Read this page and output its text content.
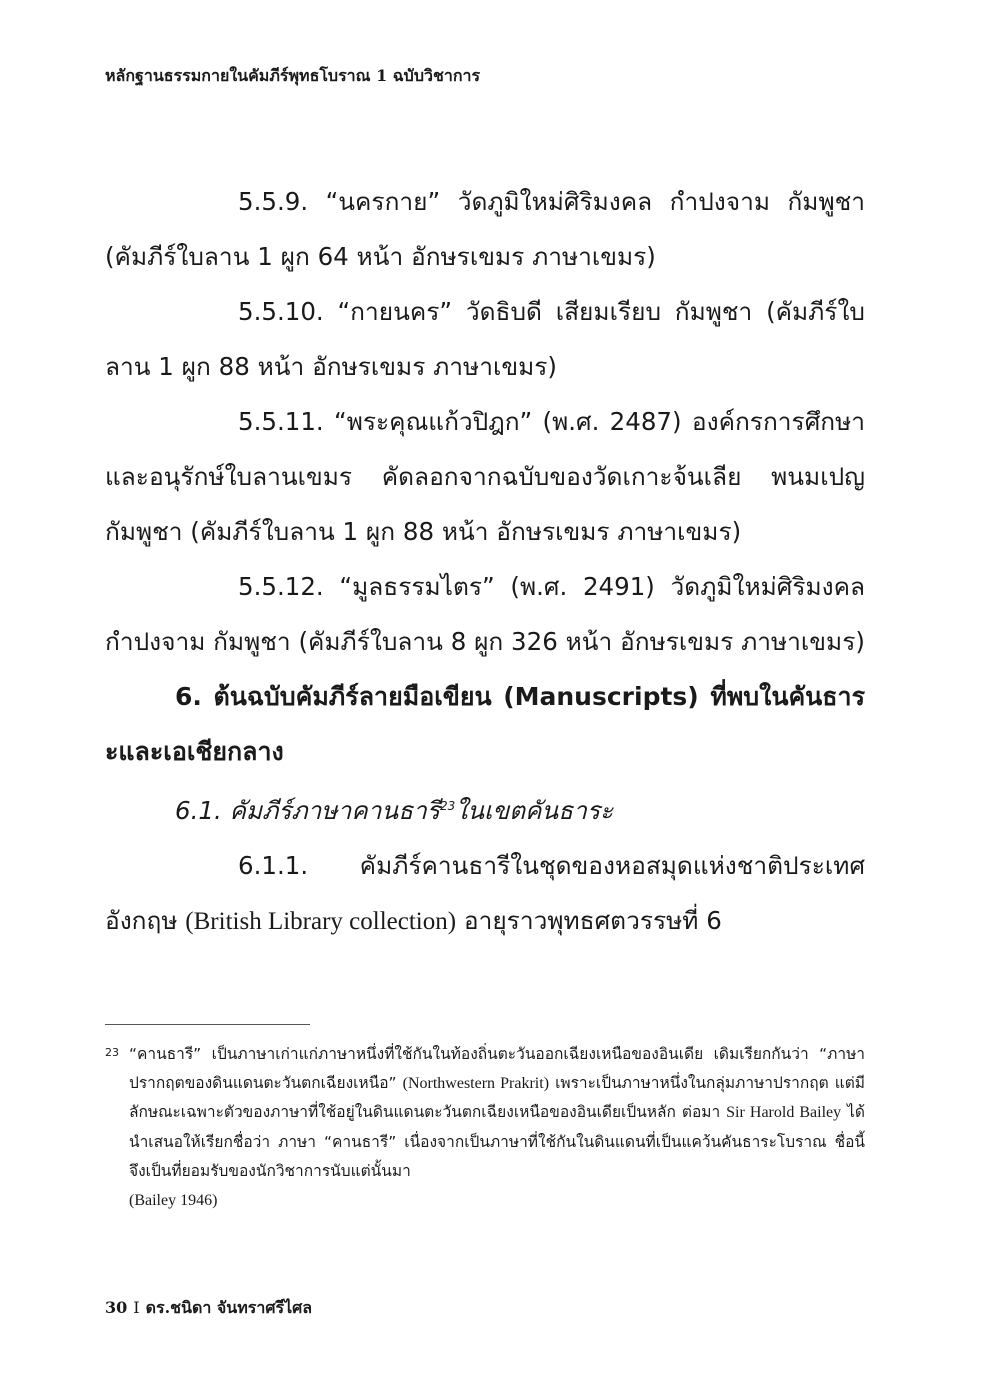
หลักฐานธรรมกายในคัมภีร์พุทธโบราณ 1 ฉบับวิชาการ

5.5.9. “นครกาย” วัดภูมิใหม่ศิริมงคล กำปงจาม กัมพูชา (คัมภีร์ใบลาน 1 ผูก 64 หน้า อักษรเขมร ภาษาเขมร)

5.5.10. “กายนคร” วัดธิบดี เสียมเรียบ กัมพูชา (คัมภีร์ใบลาน 1 ผูก 88 หน้า อักษรเขมร ภาษาเขมร)

5.5.11. “พระคุณแก้วปิฎก” (พ.ศ. 2487) องค์กรการศึกษาและอนุรักษ์ใบลานเขมร คัดลอกจากฉบับของวัดเกาะจ้นเลีย พนมเปญ กัมพูชา (คัมภีร์ใบลาน 1 ผูก 88 หน้า อักษรเขมร ภาษาเขมร)

5.5.12. “มูลธรรมไตร” (พ.ศ. 2491) วัดภูมิใหม่ศิริมงคล กำปงจาม กัมพูชา (คัมภีร์ใบลาน 8 ผูก 326 หน้า อักษรเขมร ภาษาเขมร)

6. ต้นฉบับคัมภีร์ลายมือเขียน (Manuscripts) ที่พบในคันธาระและเอเชียกลาง

6.1. คัมภีร์ภาษาคานธารี$^{23}$ในเขตคันธาระ

6.1.1. คัมภีร์คานธารีในชุดของหอสมุดแห่งชาติประเทศอังกฤษ (British Library collection) อายุราวพุทธศตวรรษที่ 6

23 “คานธารี” เป็นภาษาเก่าแก่ภาษาหนึ่งที่ใช้กันในท้องถิ่นตะวันออกเฉียงเหนือของอินเดีย เดิมเรียกกันว่า “ภาษาปรากฤตของดินแดนตะวันตกเฉียงเหนือ” (Northwestern Prakrit) เพราะเป็นภาษาหนึ่งในกลุ่มภาษาปรากฤต แต่มีลักษณะเฉพาะตัวของภาษาที่ใช้อยู่ในดินแดนตะวันตกเฉียงเหนือของอินเดียเป็นหลัก ต่อมา Sir Harold Bailey ได้นำเสนอให้เรียกชื่อว่า ภาษา “คานธารี” เนื่องจากเป็นภาษาที่ใช้กันในดินแดนที่เป็นแคว้นคันธาระโบราณ ชื่อนี้จึงเป็นที่ยอมรับของนักวิชาการนับแต่นั้นมา

(Bailey 1946)

30 I ดร.ชนิดา จันทราศรีไศล
